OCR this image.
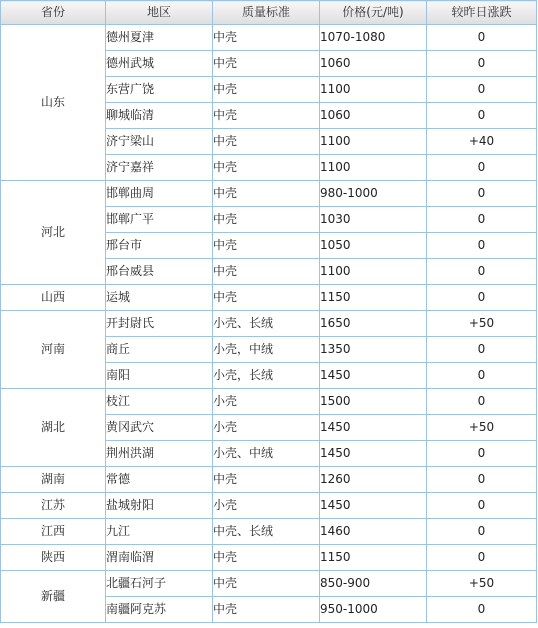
省份	地区	质量标准	价格(元/吨)	较昨日涨跌
山东	德州夏津	中壳	1070-1080	0
	德州武城	中壳	1060	0
	东营广饶	中壳	1100	0
	聊城临清	中壳	1060	0
	济宁梁山	中壳	1100	+40
	济宁嘉祥	中壳	1100	0
河北	邯郸曲周	中壳	980-1000	0
	邯郸广平	中壳	1030	0
	邢台市	中壳	1050	0
	邢台威县	中壳	1100	0
山西	运城	中壳	1150	0
河南	开封尉氏	小壳、长绒	1650	+50
	商丘	小壳，中绒	1350	0
	南阳	小壳，长绒	1450	0
湖北	枝江	小壳	1500	0
	黄冈武穴	小壳	1450	+50
	荆州洪湖	小壳、中绒	1450	0
湖南	常德	中壳	1260	0
江苏	盐城射阳	小壳	1450	0
江西	九江	中壳、长绒	1460	0
陕西	渭南临渭	中壳	1150	0
新疆	北疆石河子	中壳	850-900	+50
	南疆阿克苏	中壳	950-1000	0
